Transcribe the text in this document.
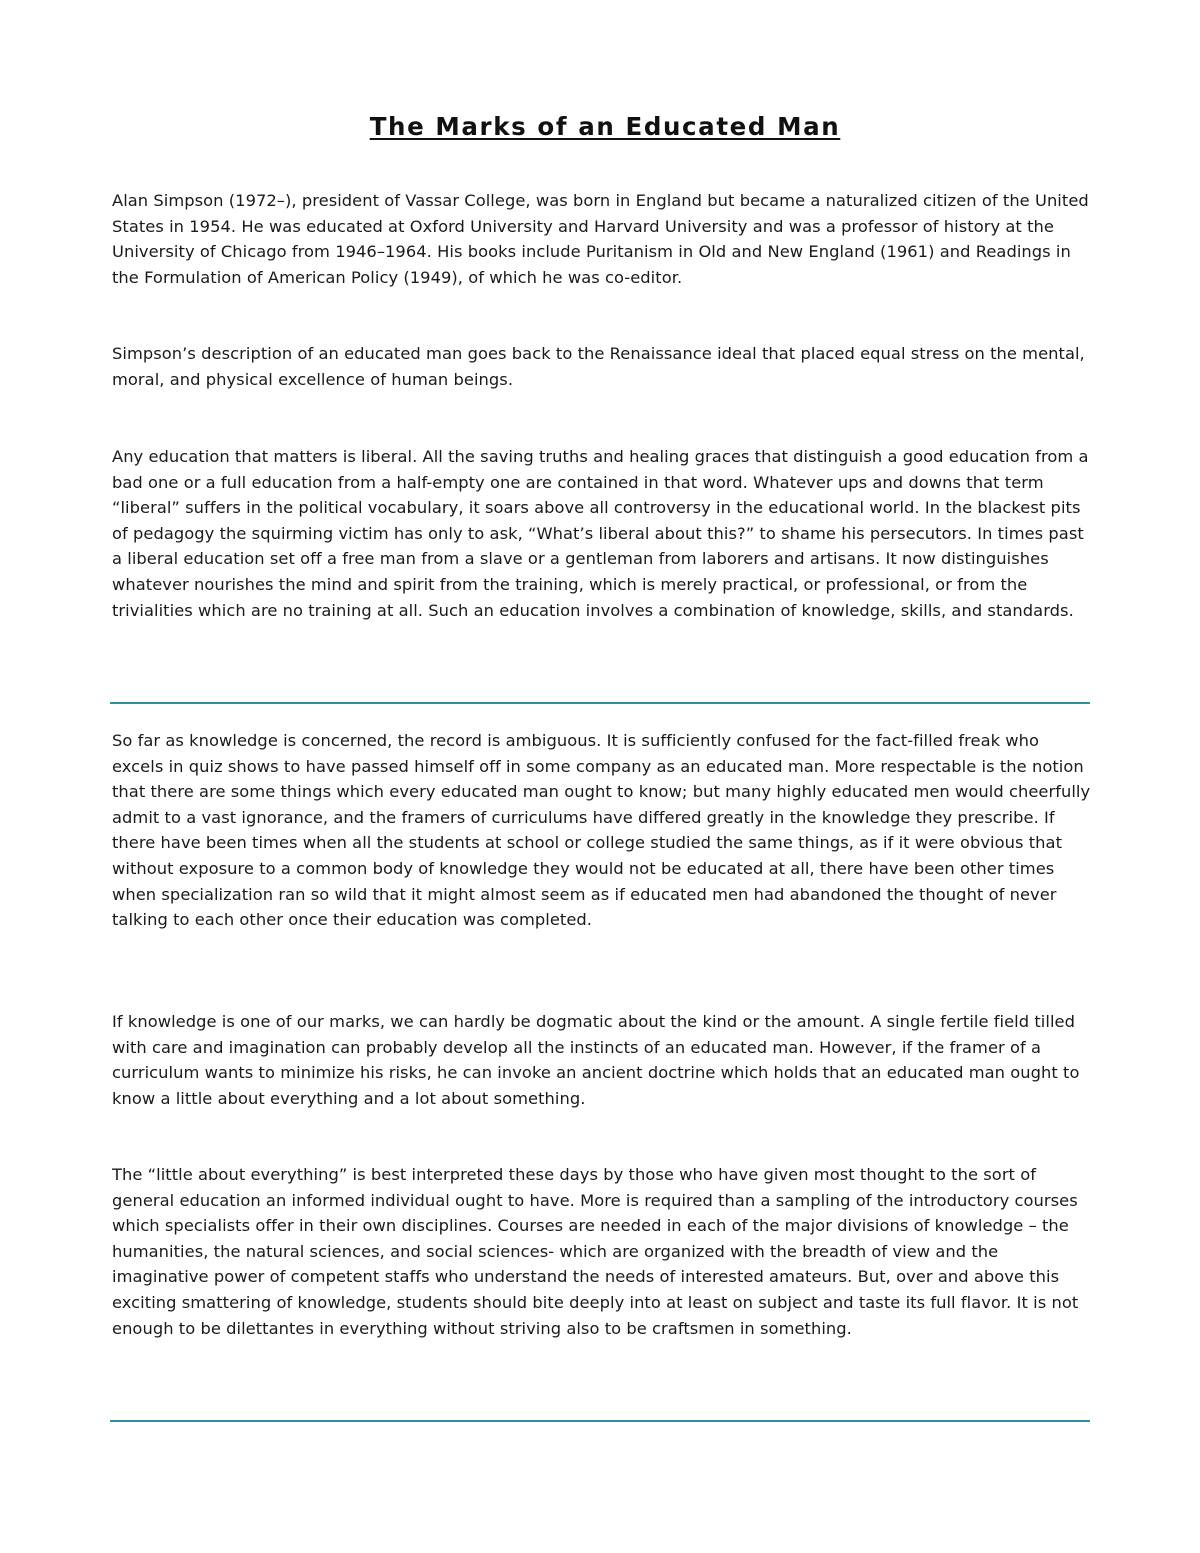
The Marks of an Educated Man

Alan Simpson (1972–), president of Vassar College, was born in England but became a naturalized citizen of the United States in 1954. He was educated at Oxford University and Harvard University and was a professor of history at the University of Chicago from 1946–1964. His books include Puritanism in Old and New England (1961) and Readings in the Formulation of American Policy (1949), of which he was co-editor.

Simpson’s description of an educated man goes back to the Renaissance ideal that placed equal stress on the mental, moral, and physical excellence of human beings.

Any education that matters is liberal. All the saving truths and healing graces that distinguish a good education from a bad one or a full education from a half-empty one are contained in that word. Whatever ups and downs that term “liberal” suffers in the political vocabulary, it soars above all controversy in the educational world. In the blackest pits of pedagogy the squirming victim has only to ask, “What’s liberal about this?” to shame his persecutors. In times past a liberal education set off a free man from a slave or a gentleman from laborers and artisans. It now distinguishes whatever nourishes the mind and spirit from the training, which is merely practical, or professional, or from the trivialities which are no training at all. Such an education involves a combination of knowledge, skills, and standards.

So far as knowledge is concerned, the record is ambiguous. It is sufficiently confused for the fact-filled freak who excels in quiz shows to have passed himself off in some company as an educated man. More respectable is the notion that there are some things which every educated man ought to know; but many highly educated men would cheerfully admit to a vast ignorance, and the framers of curriculums have differed greatly in the knowledge they prescribe. If there have been times when all the students at school or college studied the same things, as if it were obvious that without exposure to a common body of knowledge they would not be educated at all, there have been other times when specialization ran so wild that it might almost seem as if educated men had abandoned the thought of never talking to each other once their education was completed.

If knowledge is one of our marks, we can hardly be dogmatic about the kind or the amount. A single fertile field tilled with care and imagination can probably develop all the instincts of an educated man. However, if the framer of a curriculum wants to minimize his risks, he can invoke an ancient doctrine which holds that an educated man ought to know a little about everything and a lot about something.

The “little about everything” is best interpreted these days by those who have given most thought to the sort of general education an informed individual ought to have. More is required than a sampling of the introductory courses which specialists offer in their own disciplines. Courses are needed in each of the major divisions of knowledge – the humanities, the natural sciences, and social sciences- which are organized with the breadth of view and the imaginative power of competent staffs who understand the needs of interested amateurs. But, over and above this exciting smattering of knowledge, students should bite deeply into at least on subject and taste its full flavor. It is not enough to be dilettantes in everything without striving also to be craftsmen in something.
